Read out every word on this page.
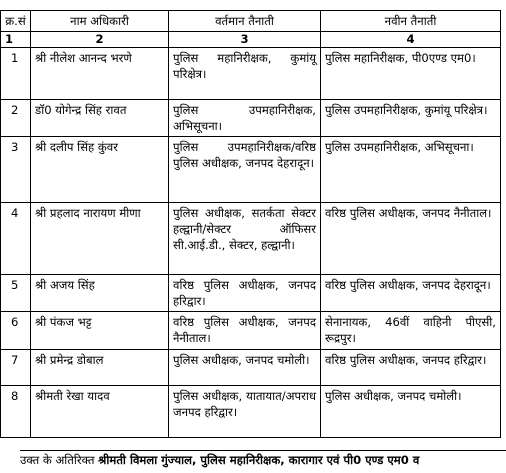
क्र.सं	नाम अधिकारी	वर्तमान तैनाती	नवीन तैनाती
1	2	3	4
1	श्री नीलेश आनन्द भरणे	पुलिस महानिरीक्षक, कुमांयू परिक्षेत्र।	पुलिस महानिरीक्षक, पी0एण्ड एम0।
2	डॉ0 योगेन्द्र सिंह रावत	पुलिस उपमहानिरीक्षक, अभिसूचना।	पुलिस उपमहानिरीक्षक, कुमांयू परिक्षेत्र।
3	श्री दलीप सिंह कुंवर	पुलिस उपमहानिरीक्षक/वरिष्ठ पुलिस अधीक्षक, जनपद देहरादून।	पुलिस उपमहानिरीक्षक, अभिसूचना।
4	श्री प्रहलाद नारायण मीणा	पुलिस अधीक्षक, सतर्कता सेक्टर हल्द्वानी/सेक्टर ऑफिसर सी.आई.डी., सेक्टर, हल्द्वानी।	वरिष्ठ पुलिस अधीक्षक, जनपद नैनीताल।
5	श्री अजय सिंह	वरिष्ठ पुलिस अधीक्षक, जनपद हरिद्वार।	वरिष्ठ पुलिस अधीक्षक, जनपद देहरादून।
6	श्री पंकज भट्ट	वरिष्ठ पुलिस अधीक्षक, जनपद नैनीताल।	सेनानायक, 46वीं वाहिनी पीएसी, रूद्रपुर।
7	श्री प्रमेन्द्र डोबाल	पुलिस अधीक्षक, जनपद चमोली।	वरिष्ठ पुलिस अधीक्षक, जनपद हरिद्वार।
8	श्रीमती रेखा यादव	पुलिस अधीक्षक, यातायात/अपराध जनपद हरिद्वार।	पुलिस अधीक्षक, जनपद चमोली।
उक्त के अतिरिक्त श्रीमती विमला गुंज्याल, पुलिस महानिरीक्षक, कारागार एवं पी0 एण्ड एम0 व
